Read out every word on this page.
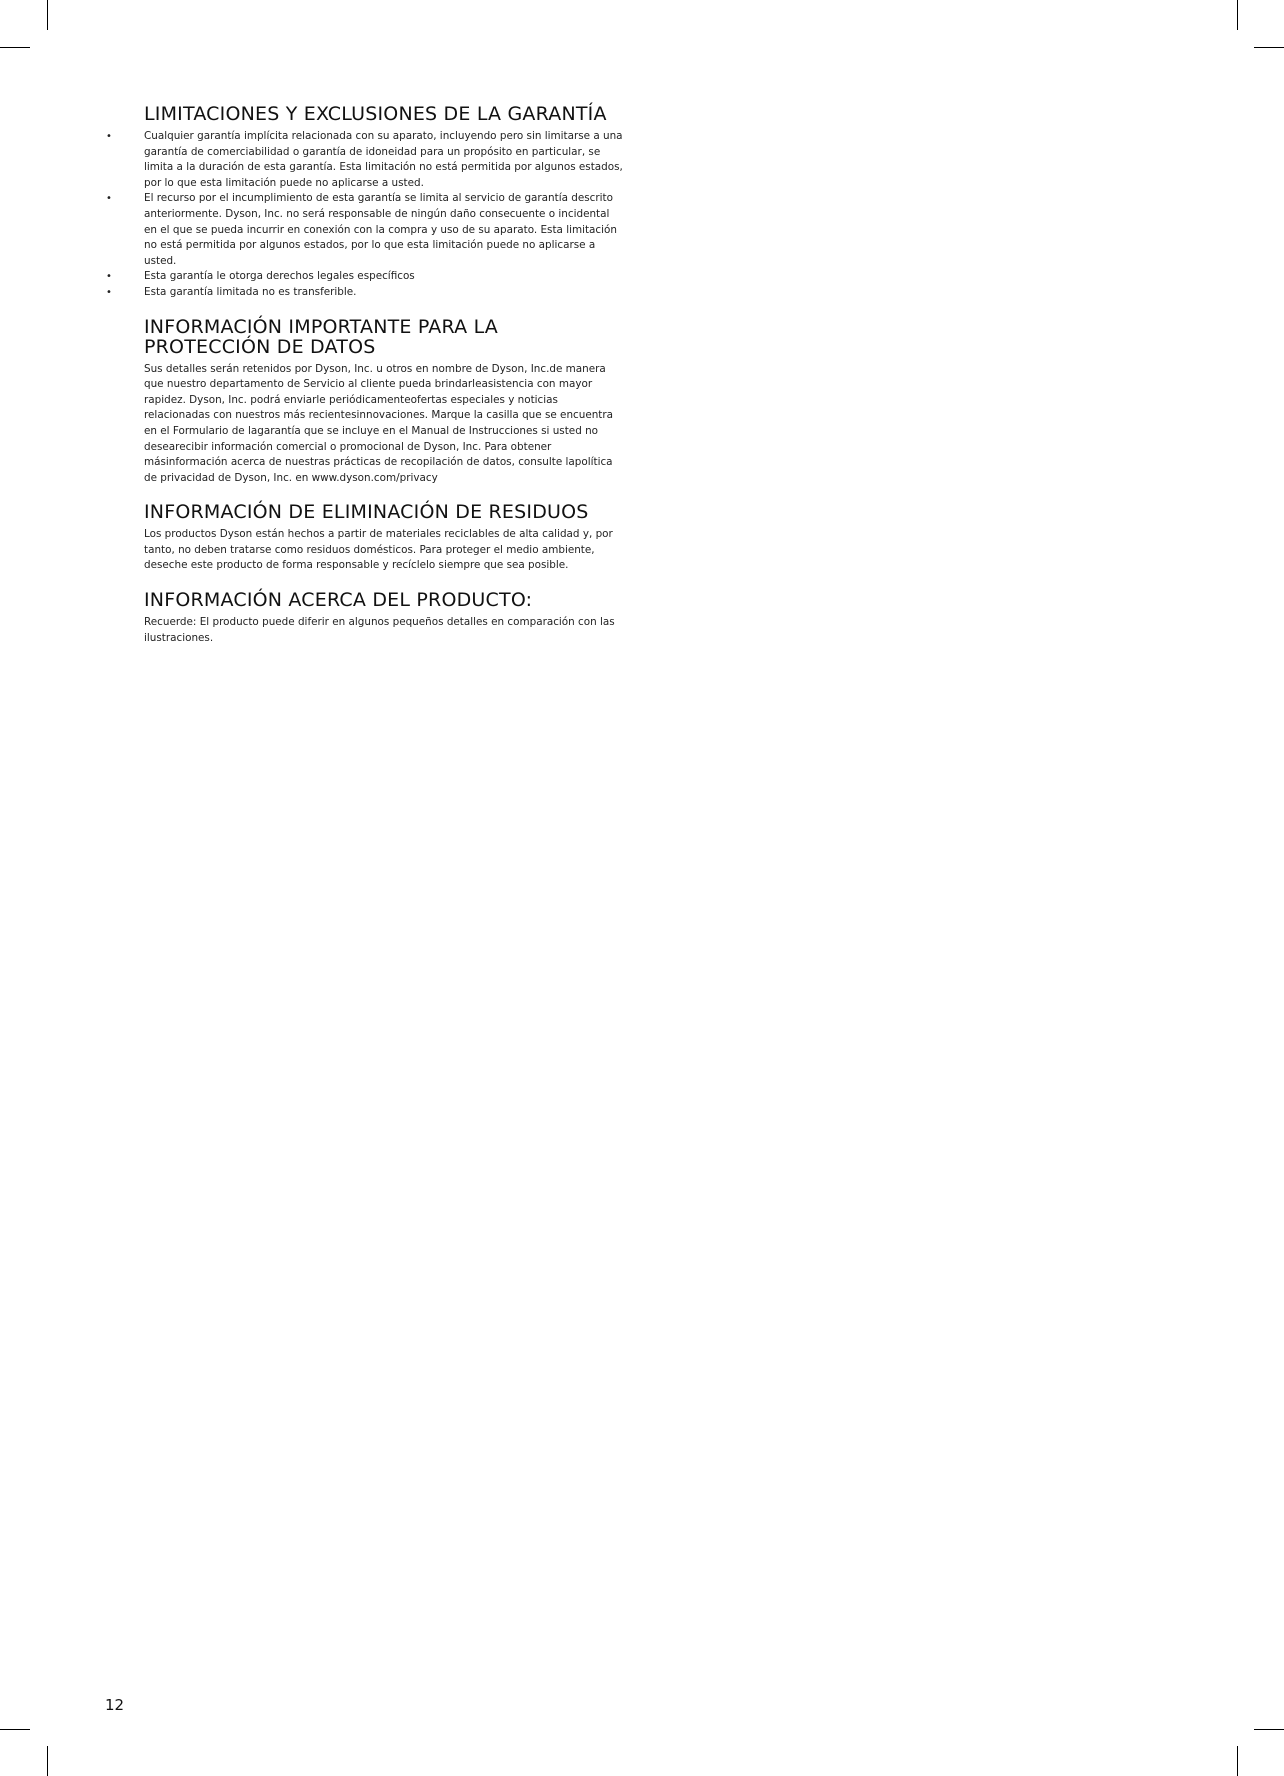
LIMITACIONES Y EXCLUSIONES DE LA GARANTÍA
• Cualquier garantía implícita relacionada con su aparato, incluyendo pero sin limitarse a una garantía de comerciabilidad o garantía de idoneidad para un propósito en particular, se limita a la duración de esta garantía. Esta limitación no está permitida por algunos estados, por lo que esta limitación puede no aplicarse a usted.
• El recurso por el incumplimiento de esta garantía se limita al servicio de garantía descrito anteriormente. Dyson, Inc. no será responsable de ningún daño consecuente o incidental en el que se pueda incurrir en conexión con la compra y uso de su aparato. Esta limitación no está permitida por algunos estados, por lo que esta limitación puede no aplicarse a usted.
• Esta garantía le otorga derechos legales específicos
• Esta garantía limitada no es transferible.
INFORMACIÓN IMPORTANTE PARA LA
PROTECCIÓN DE DATOS

Sus detalles serán retenidos por Dyson, Inc. u otros en nombre de Dyson, Inc.de manera que nuestro departamento de Servicio al cliente pueda brindarleasistencia con mayor rapidez. Dyson, Inc. podrá enviarle periódicamenteofertas especiales y noticias relacionadas con nuestros más recientesinnovaciones. Marque la casilla que se encuentra en el Formulario de lagarantía que se incluye en el Manual de Instrucciones si usted no desearecibir información comercial o promocional de Dyson, Inc. Para obtener másinformación acerca de nuestras prácticas de recopilación de datos, consulte lapolítica de privacidad de Dyson, Inc. en www.dyson.com/privacy

INFORMACIÓN DE ELIMINACIÓN DE RESIDUOS

Los productos Dyson están hechos a partir de materiales reciclables de alta calidad y, por tanto, no deben tratarse como residuos domésticos. Para proteger el medio ambiente, deseche este producto de forma responsable y recíclelo siempre que sea posible.

INFORMACIÓN ACERCA DEL PRODUCTO:

Recuerde: El producto puede diferir en algunos pequeños detalles en comparación con las ilustraciones.

12
